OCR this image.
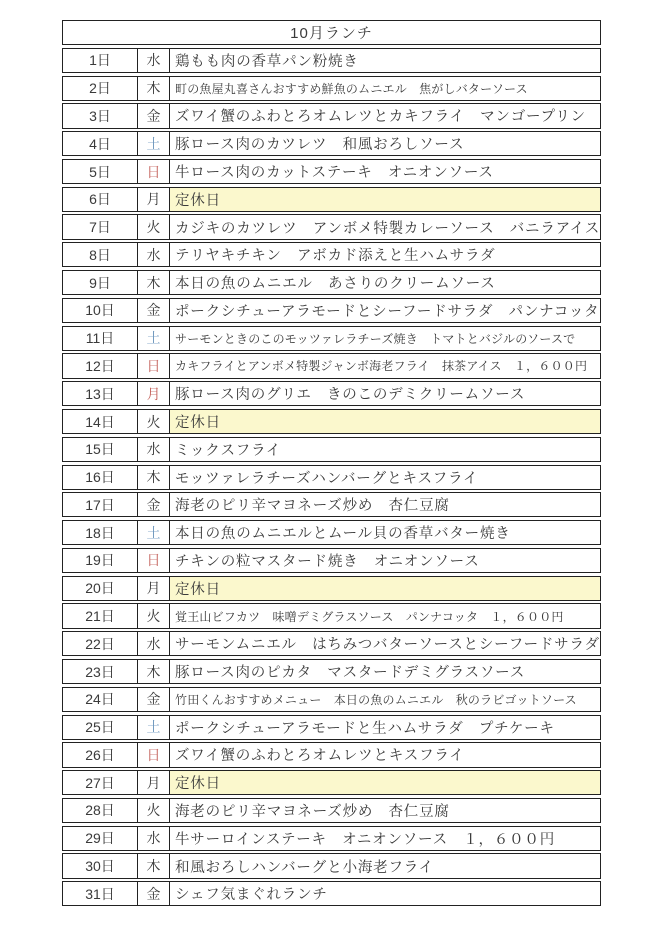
10月ランチ
1日	水	鶏もも肉の香草パン粉焼き
2日	木	町の魚屋丸喜さんおすすめ鮮魚のムニエル　焦がしバターソース
3日	金	ズワイ蟹のふわとろオムレツとカキフライ　マンゴープリン
4日	土	豚ロース肉のカツレツ　和風おろしソース
5日	日	牛ロース肉のカットステーキ　オニオンソース
6日	月	定休日
7日	火	カジキのカツレツ　アンボメ特製カレーソース　バニラアイス
8日	水	テリヤキチキン　アボカド添えと生ハムサラダ
9日	木	本日の魚のムニエル　あさりのクリームソース
10日	金	ポークシチューアラモードとシーフードサラダ　パンナコッタ
11日	土	サーモンときのこのモッツァレラチーズ焼き　トマトとバジルのソースで
12日	日	カキフライとアンボメ特製ジャンボ海老フライ　抹茶アイス　１，６００円
13日	月	豚ロース肉のグリエ　きのこのデミクリームソース
14日	火	定休日
15日	水	ミックスフライ
16日	木	モッツァレラチーズハンバーグとキスフライ
17日	金	海老のピリ辛マヨネーズ炒め　杏仁豆腐
18日	土	本日の魚のムニエルとムール貝の香草バター焼き
19日	日	チキンの粒マスタード焼き　オニオンソース
20日	月	定休日
21日	火	覚王山ビフカツ　味噌デミグラスソース　パンナコッタ　１，６００円
22日	水	サーモンムニエル　はちみつバターソースとシーフードサラダ
23日	木	豚ロース肉のピカタ　マスタードデミグラスソース
24日	金	竹田くんおすすめメニュー　本日の魚のムニエル　秋のラビゴットソース
25日	土	ポークシチューアラモードと生ハムサラダ　プチケーキ
26日	日	ズワイ蟹のふわとろオムレツとキスフライ
27日	月	定休日
28日	火	海老のピリ辛マヨネーズ炒め　杏仁豆腐
29日	水	牛サーロインステーキ　オニオンソース　１，６００円
30日	木	和風おろしハンバーグと小海老フライ
31日	金	シェフ気まぐれランチ
